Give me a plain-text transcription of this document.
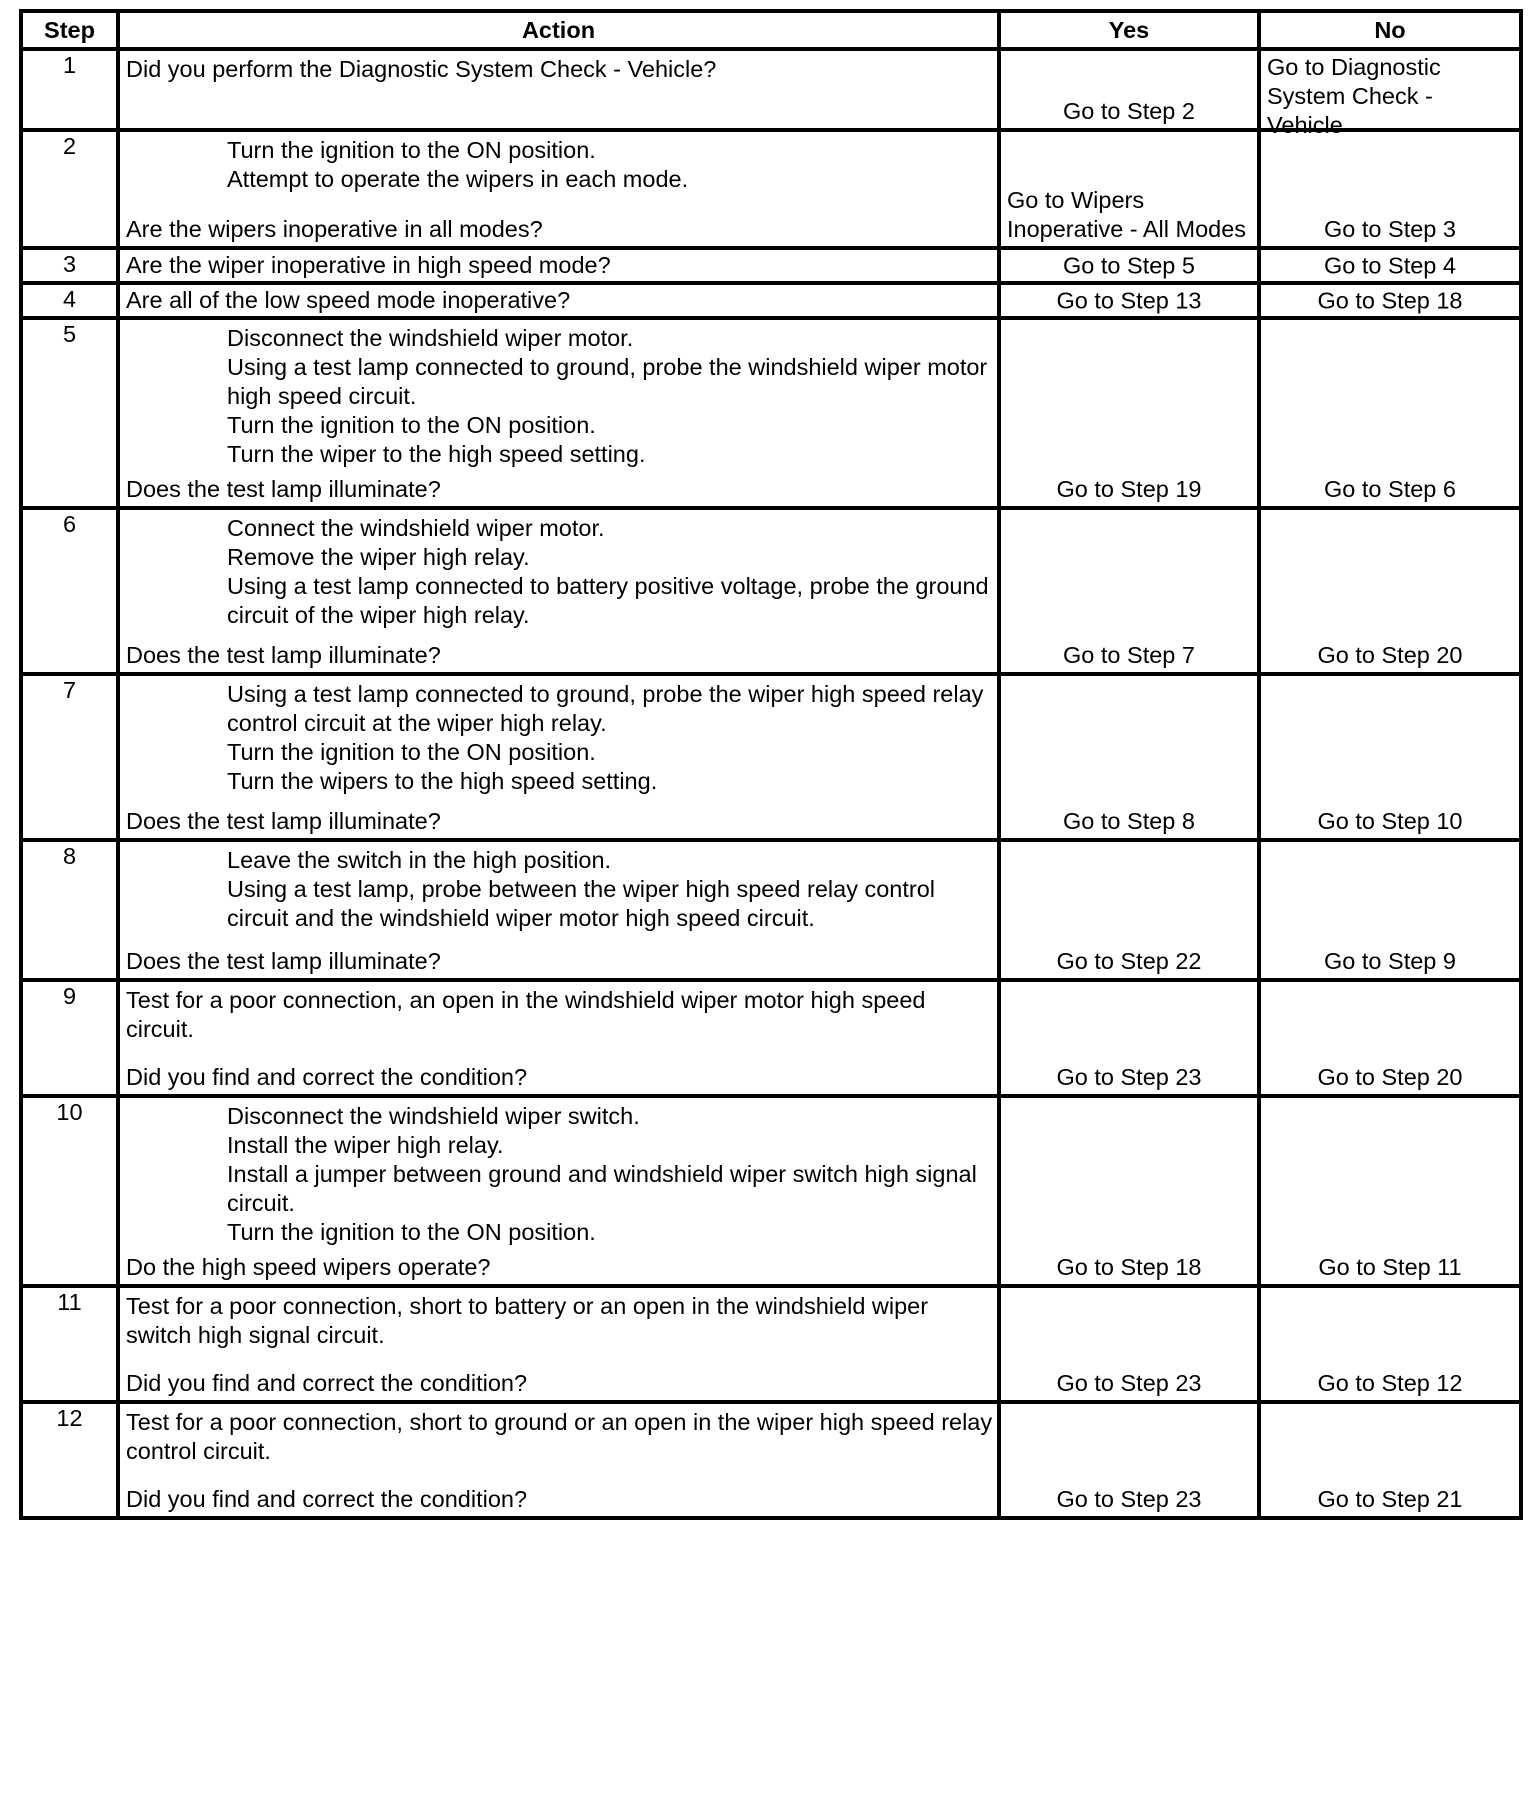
Step	Action	Yes	No
1	Did you perform the Diagnostic System Check - Vehicle?	Go to Step 2	Go to Diagnostic System Check - Vehicle

2	Turn the ignition to the ON position.
Attempt to operate the wipers in each mode.
Are the wipers inoperative in all modes?	Go to Wipers Inoperative - All Modes	Go to Step 3

3	Are the wiper inoperative in high speed mode?	Go to Step 5	Go to Step 4

4	Are all of the low speed mode inoperative?	Go to Step 13	Go to Step 18

5	Disconnect the windshield wiper motor.
Using a test lamp connected to ground, probe the windshield wiper motor high speed circuit.
Turn the ignition to the ON position.
Turn the wiper to the high speed setting.
Does the test lamp illuminate?	Go to Step 19	Go to Step 6

6	Connect the windshield wiper motor.
Remove the wiper high relay.
Using a test lamp connected to battery positive voltage, probe the ground circuit of the wiper high relay.
Does the test lamp illuminate?	Go to Step 7	Go to Step 20

7	Using a test lamp connected to ground, probe the wiper high speed relay control circuit at the wiper high relay.
Turn the ignition to the ON position.
Turn the wipers to the high speed setting.
Does the test lamp illuminate?	Go to Step 8	Go to Step 10

8	Leave the switch in the high position.
Using a test lamp, probe between the wiper high speed relay control circuit and the windshield wiper motor high speed circuit.
Does the test lamp illuminate?	Go to Step 22	Go to Step 9

9	Test for a poor connection, an open in the windshield wiper motor high speed circuit.
Did you find and correct the condition?	Go to Step 23	Go to Step 20

10	Disconnect the windshield wiper switch.
Install the wiper high relay.
Install a jumper between ground and windshield wiper switch high signal circuit.
Turn the ignition to the ON position.
Do the high speed wipers operate?	Go to Step 18	Go to Step 11

11	Test for a poor connection, short to battery or an open in the windshield wiper switch high signal circuit.
Did you find and correct the condition?	Go to Step 23	Go to Step 12

12	Test for a poor connection, short to ground or an open in the wiper high speed relay control circuit.
Did you find and correct the condition?	Go to Step 23	Go to Step 21
